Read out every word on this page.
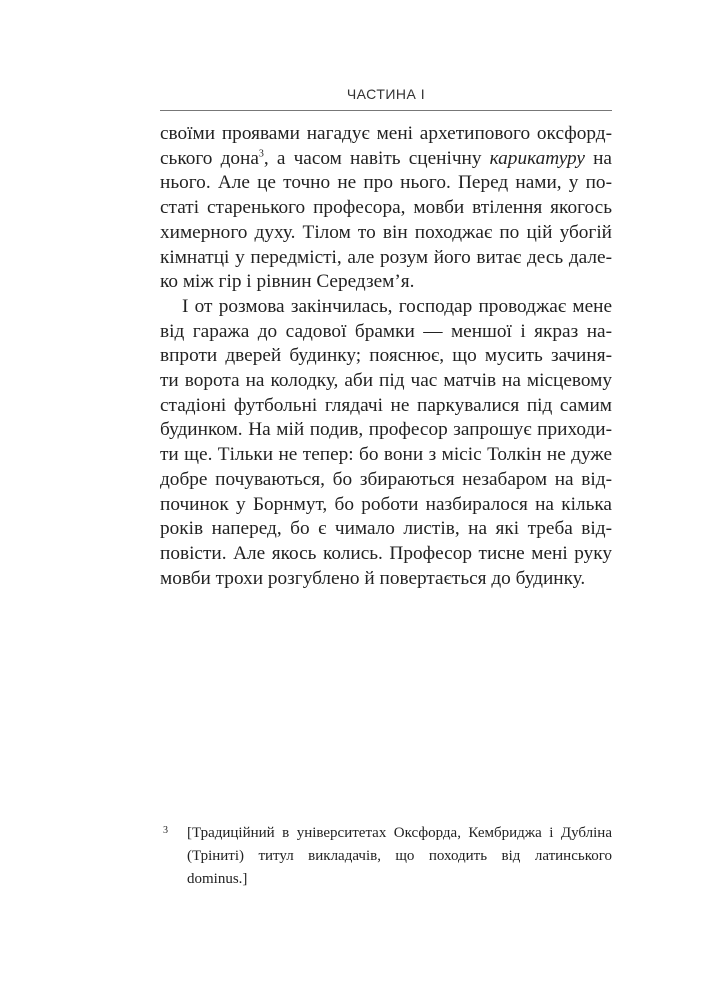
ЧАСТИНА І
своїми проявами нагадує мені архетипового оксфорд-
ського дона$^3$, а часом навіть сценічну карикатуру на
нього. Але це точно не про нього. Перед нами, у по-
статі старенького професора, мовби втілення якогось
химерного духу. Тілом то він походжає по цій убогій
кімнатці у передмісті, але розум його витає десь дале-
ко між гір і рівнин Середзем’я.
І от розмова закінчилась, господар проводжає мене
від гаража до садової брамки — меншої і якраз на-
впроти дверей будинку; пояснює, що мусить зачиня-
ти ворота на колодку, аби під час матчів на місцевому
стадіоні футбольні глядачі не паркувалися під самим
будинком. На мій подив, професор запрошує приходи-
ти ще. Тільки не тепер: бо вони з місіс Толкін не дуже
добре почуваються, бо збираються незабаром на від-
починок у Борнмут, бо роботи назбиралося на кілька
років наперед, бо є чимало листів, на які треба від-
повісти. Але якось колись. Професор тисне мені руку
мовби трохи розгублено й повертається до будинку.
3 [Традиційний в університетах Оксфорда, Кембриджа і Дубліна
(Тріниті) титул викладачів, що походить від латинського dominus.]
